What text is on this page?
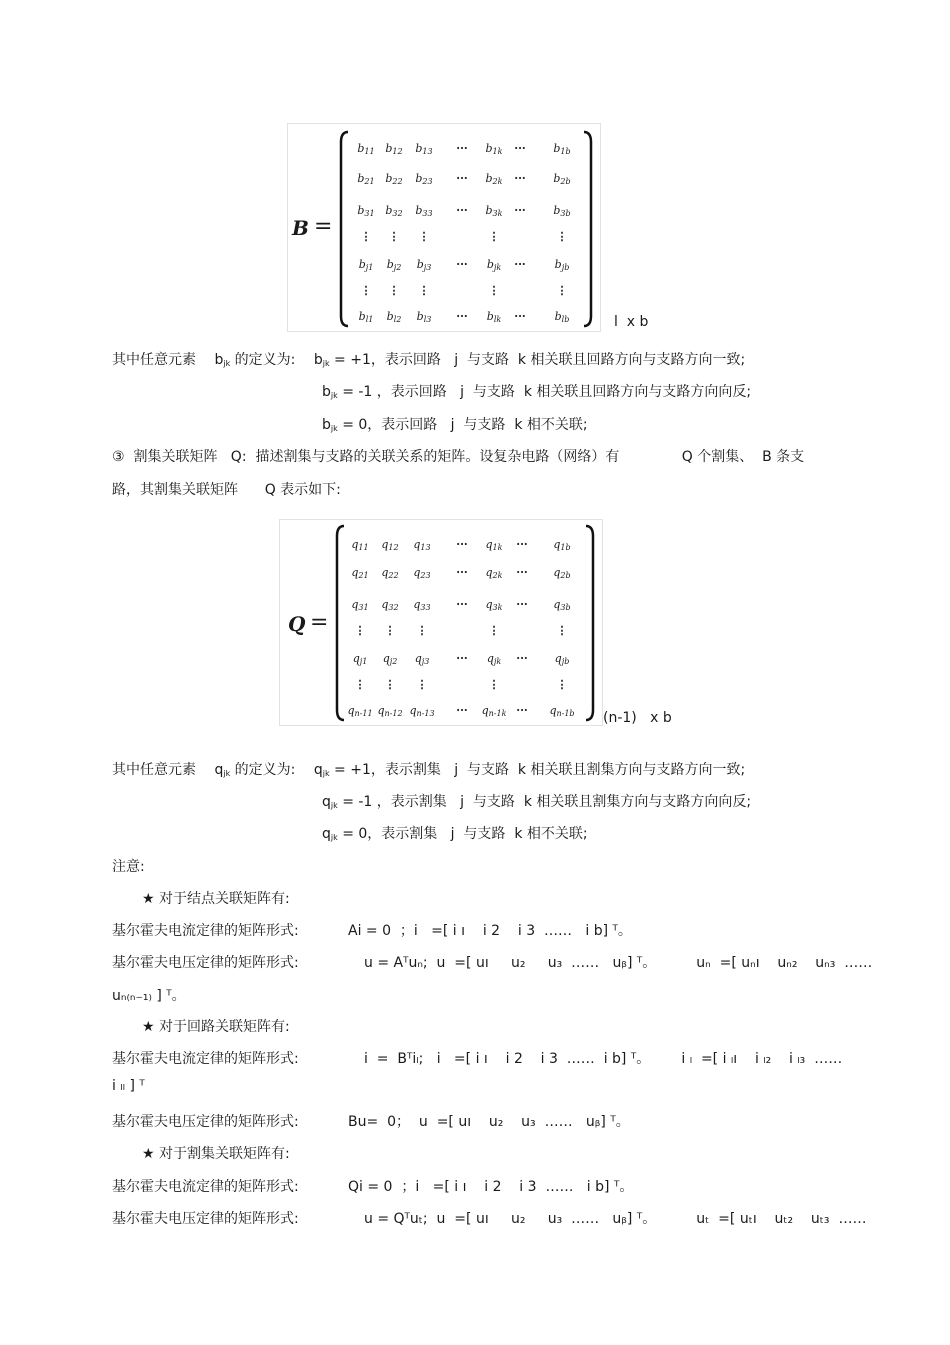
B =
$b_{11}$ $b_{12}$ $b_{13}$ ··· $b_{1k}$ ···	$b_{1b}$
$b_{21}$ $b_{22}$ $b_{23}$ ··· $b_{2k}$ ···	$b_{2b}$
$b_{31}$ $b_{32}$ $b_{33}$ ··· $b_{3k}$ ···	$b_{3b}$
⋮ ⋮ ⋮	⋮	⋮
$b_{j1}$ $b_{j2}$ $b_{j3}$ ··· $b_{jk}$ ···	$b_{jb}$
⋮ ⋮ ⋮	⋮	⋮
$b_{l1}$ $b_{l2}$ $b_{l3}$ ··· $b_{lk}$ ···	$b_{lb}$	l  x b
其中任意元素 $b_{jk}$ 的定义为: $b_{jk} = +1$，表示回路   j  与支路  k 相关联且回路方向与支路方向一致;
$b_{jk} = -1$ ，表示回路   j  与支路  k 相关联且回路方向与支路方向向反;
$b_{jk} = 0$，表示回路   j  与支路  k 相不关联;
③  割集关联矩阵   Q:  描述割集与支路的关联关系的矩阵。设复杂电路（网络）有              Q 个割集、  B 条支
路，其割集关联矩阵      Q 表示如下:
Q =
$q_{11}$ $q_{12}$ $q_{13}$ ··· $q_{1k}$ ··· $q_{1b}$
$q_{21}$ $q_{22}$ $q_{23}$ ··· $q_{2k}$ ··· $q_{2b}$
$q_{31}$ $q_{32}$ $q_{33}$ ··· $q_{3k}$ ··· $q_{3b}$
⋮ ⋮ ⋮	⋮	⋮
$q_{j1}$ $q_{j2}$ $q_{j3}$ ··· $q_{jk}$ ··· $q_{jb}$
⋮ ⋮ ⋮	⋮	⋮
$q_{n-11}$ $q_{n-12}$ $q_{n-13}$ ··· $q_{n-1k}$ ··· $q_{n-1b}$ (n-1)   x b
其中任意元素 $q_{jk}$ 的定义为: $q_{jk} = +1$，表示割集   j  与支路  k 相关联且割集方向与支路方向一致;
$q_{jk} = -1$ ，表示割集   j  与支路  k 相关联且割集方向与支路方向向反;
$q_{jk} = 0$，表示割集   j  与支路  k 相不关联;
注意:
★ 对于结点关联矩阵有:
基尔霍夫电流定律的矩阵形式:	Ai = 0  ；i   =[ i ı    i 2    i 3  ……   i b] ᵀ。
基尔霍夫电压定律的矩阵形式:	u = Aᵀuₙ;  u  =[ uı     u₂     u₃  ……   uᵦ] ᵀ。         uₙ  =[ uₙı    uₙ₂    uₙ₃  ……
uₙ₍ₙ₋₁₎ ] ᵀ。
★ 对于回路关联矩阵有:
基尔霍夫电流定律的矩阵形式:	i  =  Bᵀiₗ;   i   =[ i ı    i 2    i 3  ……  i b] ᵀ。       i ₗ  =[ i ₗı    i ₗ₂    i ₗ₃  ……
i ₗₗ ] ᵀ
基尔霍夫电压定律的矩阵形式:	Bu=  0；  u  =[ uı    u₂    u₃  ……   uᵦ] ᵀ。
★ 对于割集关联矩阵有:
基尔霍夫电流定律的矩阵形式:	Qi = 0  ；i   =[ i ı    i 2    i 3  ……   i b] ᵀ。
基尔霍夫电压定律的矩阵形式:	u = Qᵀuₜ;  u  =[ uı     u₂     u₃  ……   uᵦ] ᵀ。         uₜ  =[ uₜı    uₜ₂    uₜ₃  ……
